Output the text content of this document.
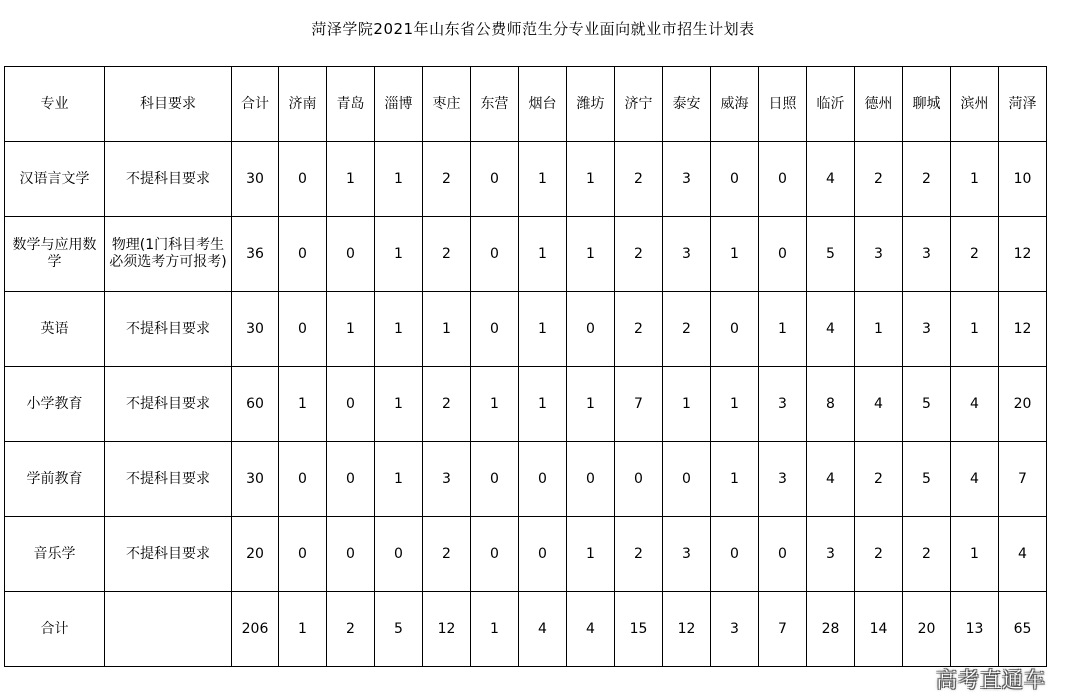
菏泽学院2021年山东省公费师范生分专业面向就业市招生计划表
专业	科目要求	合计	济南	青岛	淄博	枣庄	东营	烟台	潍坊	济宁	泰安	威海	日照	临沂	德州	聊城	滨州	菏泽
汉语言文学	不提科目要求	30	0	1	1	2	0	1	1	2	3	0	0	4	2	2	1	10
数学与应用数学	物理(1门科目考生必须选考方可报考)	36	0	0	1	2	0	1	1	2	3	1	0	5	3	3	2	12
英语	不提科目要求	30	0	1	1	1	0	1	0	2	2	0	1	4	1	3	1	12
小学教育	不提科目要求	60	1	0	1	2	1	1	1	7	1	1	3	8	4	5	4	20
学前教育	不提科目要求	30	0	0	1	3	0	0	0	0	0	1	3	4	2	5	4	7
音乐学	不提科目要求	20	0	0	0	2	0	0	1	2	3	0	0	3	2	2	1	4
合计		206	1	2	5	12	1	4	4	15	12	3	7	28	14	20	13	65
高考直通车
